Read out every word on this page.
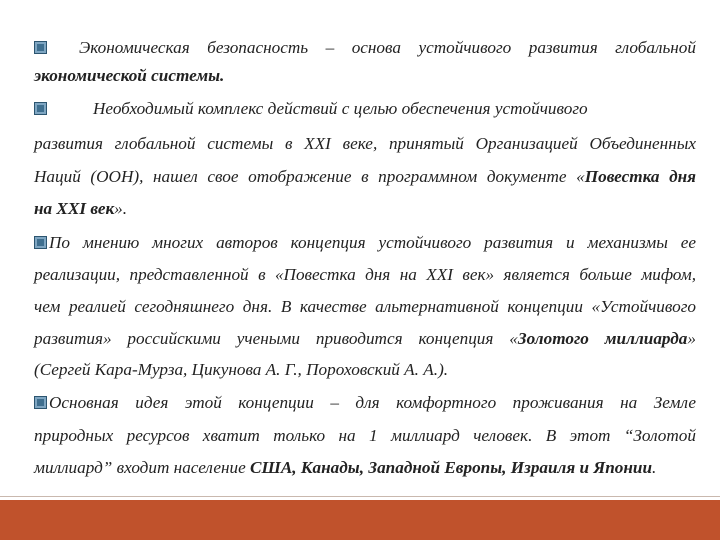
Экономическая безопасность – основа устойчивого развития глобальной
экономической системы.
Необходимый комплекс действий с целью обеспечения устойчивого
развития глобальной системы в XXI веке, принятый Организацией Объединенных
Наций (ООН), нашел свое отображение в программном документе «Повестка дня
на XXI век».
По мнению многих авторов концепция устойчивого развития и механизмы ее
реализации, представленной в «Повестка дня на XXI век» является больше мифом,
чем реалией сегодняшнего дня. В качестве альтернативной концепции «Устойчивого
развития» российскими учеными приводится концепция «Золотого миллиарда»
(Сергей Кара-Мурза, Цикунова А. Г., Пороховский А. А.).
Основная идея этой концепции – для комфортного проживания на Земле
природных ресурсов хватит только на 1 миллиард человек. В этот “Золотой
миллиард” входит население США, Канады, Западной Европы, Израиля и Японии.
